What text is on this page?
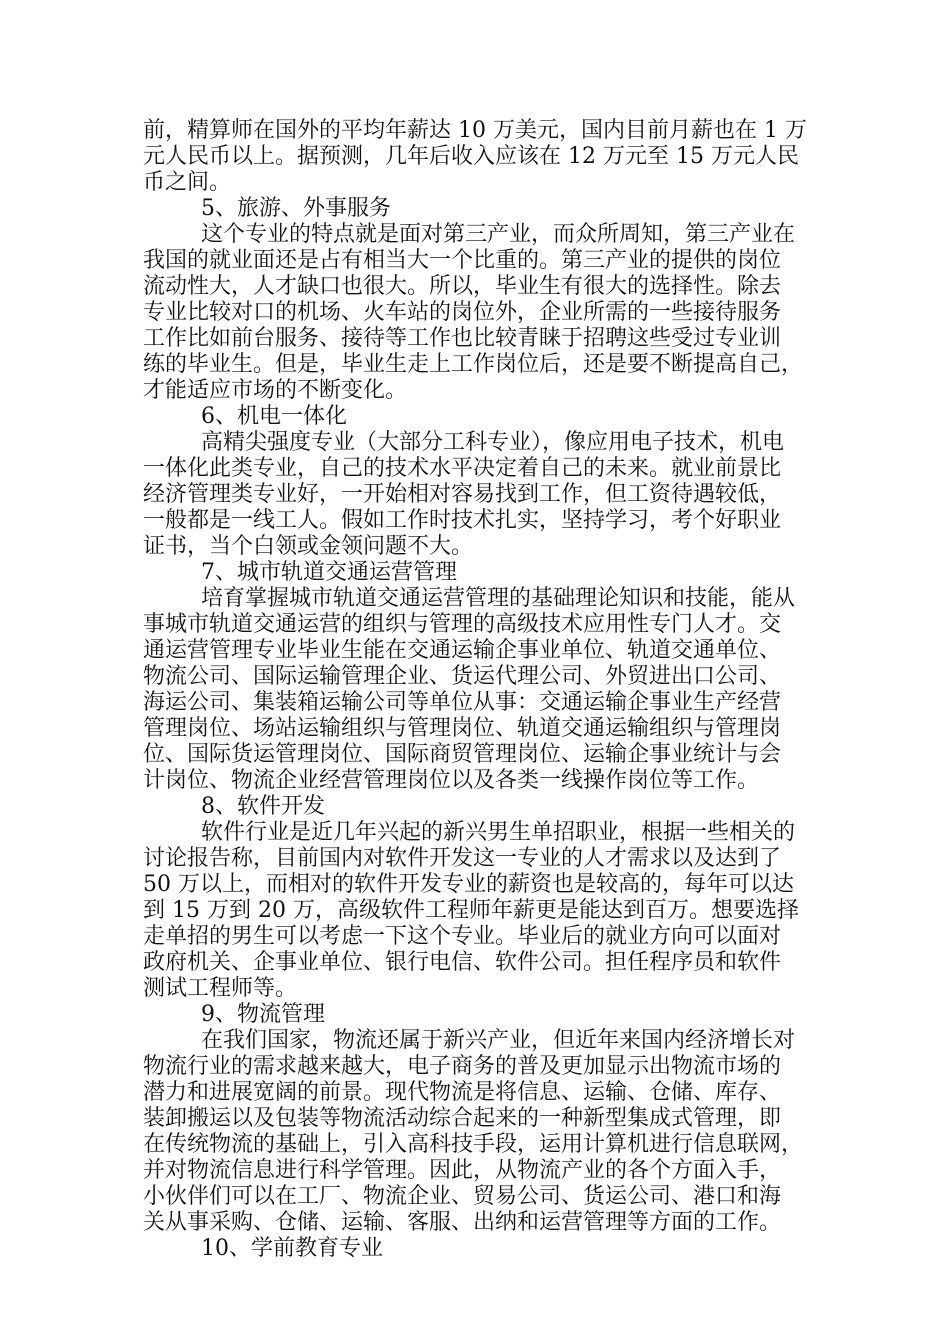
前，精算师在国外的平均年薪达 10 万美元，国内目前月薪也在 1 万
元人民币以上。据预测，几年后收入应该在 12 万元至 15 万元人民
币之间。
5、旅游、外事服务
这个专业的特点就是面对第三产业，而众所周知，第三产业在
我国的就业面还是占有相当大一个比重的。第三产业的提供的岗位
流动性大，人才缺口也很大。所以，毕业生有很大的选择性。除去
专业比较对口的机场、火车站的岗位外，企业所需的一些接待服务
工作比如前台服务、接待等工作也比较青睐于招聘这些受过专业训
练的毕业生。但是，毕业生走上工作岗位后，还是要不断提高自己，
才能适应市场的不断变化。
6、机电一体化
高精尖强度专业（大部分工科专业），像应用电子技术，机电
一体化此类专业，自己的技术水平决定着自己的未来。就业前景比
经济管理类专业好，一开始相对容易找到工作，但工资待遇较低，
一般都是一线工人。假如工作时技术扎实，坚持学习，考个好职业
证书，当个白领或金领问题不大。
7、城市轨道交通运营管理
培育掌握城市轨道交通运营管理的基础理论知识和技能，能从
事城市轨道交通运营的组织与管理的高级技术应用性专门人才。交
通运营管理专业毕业生能在交通运输企事业单位、轨道交通单位、
物流公司、国际运输管理企业、货运代理公司、外贸进出口公司、
海运公司、集装箱运输公司等单位从事：交通运输企事业生产经营
管理岗位、场站运输组织与管理岗位、轨道交通运输组织与管理岗
位、国际货运管理岗位、国际商贸管理岗位、运输企事业统计与会
计岗位、物流企业经营管理岗位以及各类一线操作岗位等工作。
8、软件开发
软件行业是近几年兴起的新兴男生单招职业，根据一些相关的
讨论报告称，目前国内对软件开发这一专业的人才需求以及达到了
50 万以上，而相对的软件开发专业的薪资也是较高的，每年可以达
到 15 万到 20 万，高级软件工程师年薪更是能达到百万。想要选择
走单招的男生可以考虑一下这个专业。毕业后的就业方向可以面对
政府机关、企事业单位、银行电信、软件公司。担任程序员和软件
测试工程师等。
9、物流管理
在我们国家，物流还属于新兴产业，但近年来国内经济增长对
物流行业的需求越来越大，电子商务的普及更加显示出物流市场的
潜力和进展宽阔的前景。现代物流是将信息、运输、仓储、库存、
装卸搬运以及包装等物流活动综合起来的一种新型集成式管理，即
在传统物流的基础上，引入高科技手段，运用计算机进行信息联网，
并对物流信息进行科学管理。因此，从物流产业的各个方面入手，
小伙伴们可以在工厂、物流企业、贸易公司、货运公司、港口和海
关从事采购、仓储、运输、客服、出纳和运营管理等方面的工作。
10、学前教育专业
